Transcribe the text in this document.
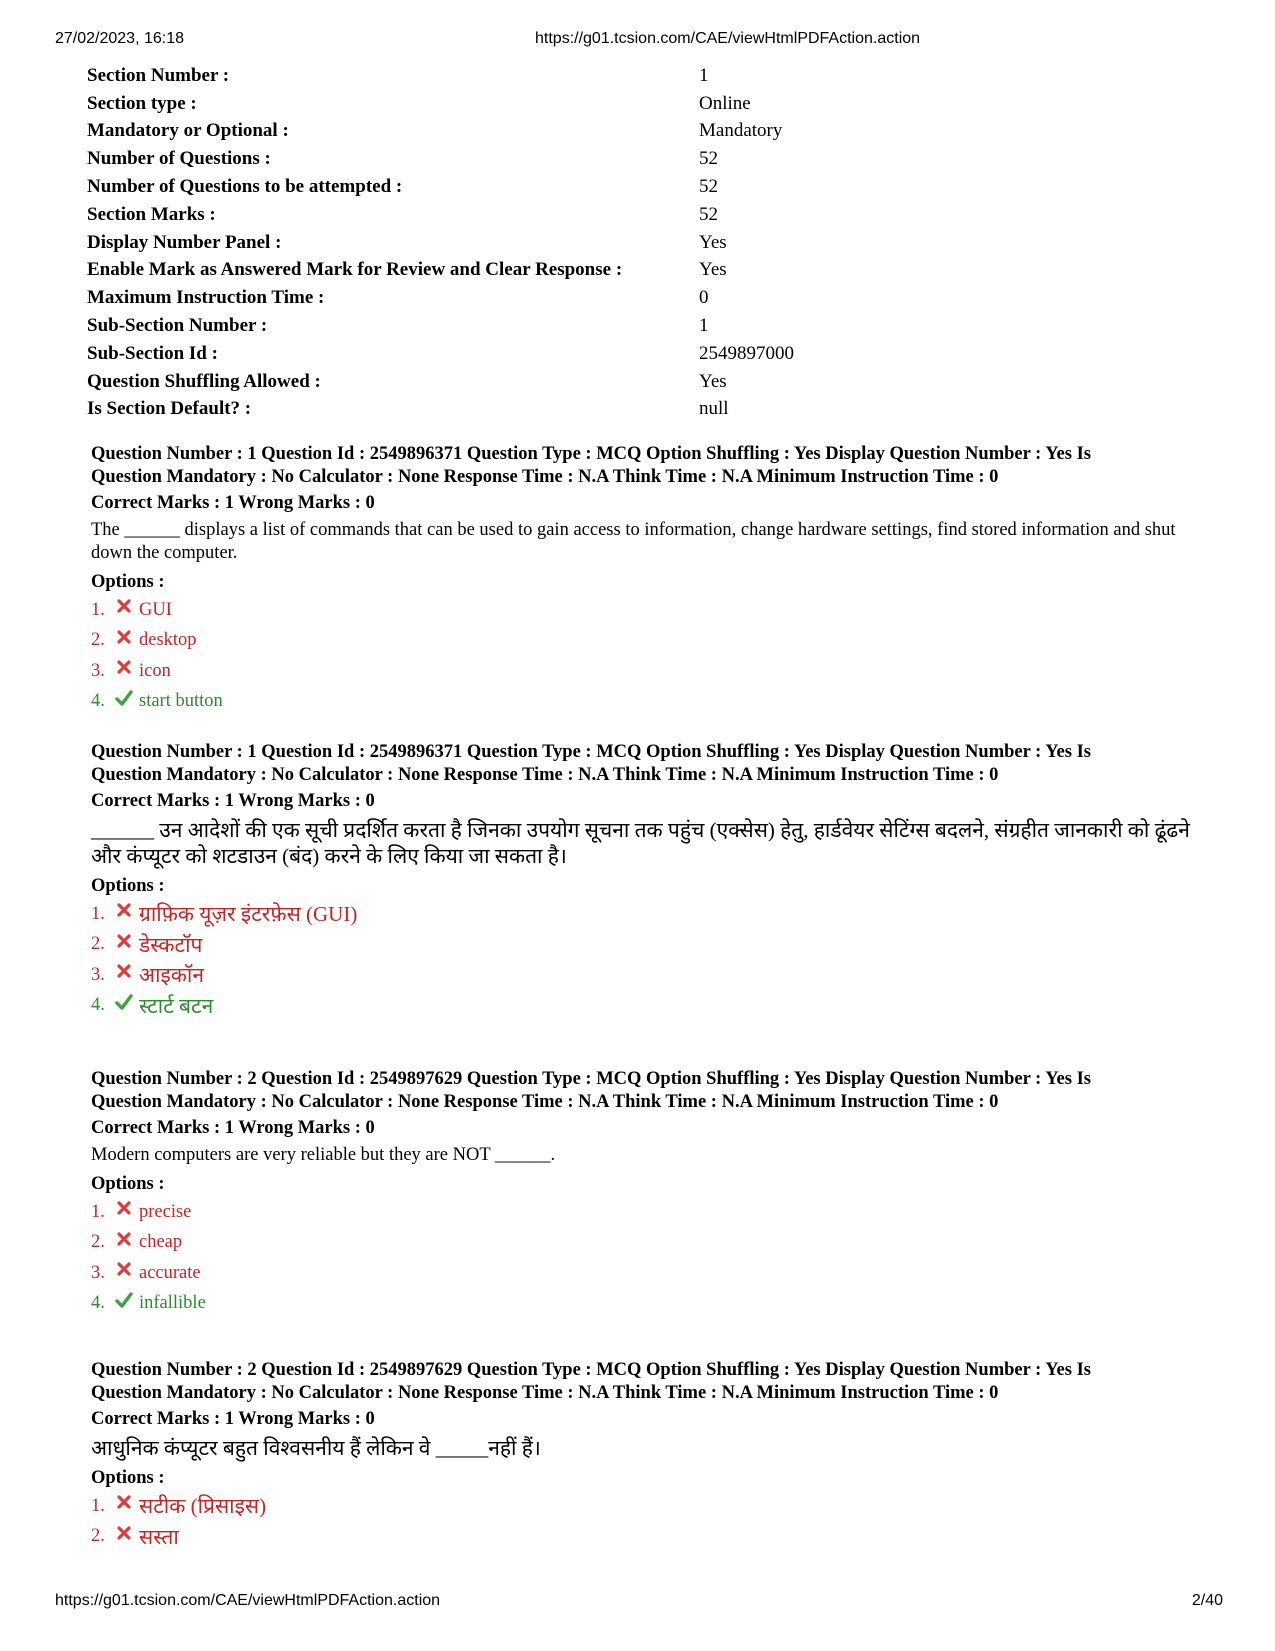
27/02/2023, 16:18	https://g01.tcsion.com/CAE/viewHtmlPDFAction.action
https://g01.tcsion.com/CAE/viewHtmlPDFAction.action	2/40
Section Number :	1
Section type :	Online
Mandatory or Optional :	Mandatory
Number of Questions :	52
Number of Questions to be attempted :	52
Section Marks :	52
Display Number Panel :	Yes
Enable Mark as Answered Mark for Review and Clear Response :	Yes
Maximum Instruction Time :	0
Sub-Section Number :	1
Sub-Section Id :	2549897000
Question Shuffling Allowed :	Yes
Is Section Default? :	null
Question Number : 1 Question Id : 2549896371 Question Type : MCQ Option Shuffling : Yes Display Question Number : Yes Is
Question Mandatory : No Calculator : None Response Time : N.A Think Time : N.A Minimum Instruction Time : 0
Correct Marks : 1 Wrong Marks : 0
The ______ displays a list of commands that can be used to gain access to information, change hardware settings, find stored information and shut down the computer.
Options :
1.	GUI
2.	desktop
3.	icon
4.	start button
Question Number : 1 Question Id : 2549896371 Question Type : MCQ Option Shuffling : Yes Display Question Number : Yes Is
Question Mandatory : No Calculator : None Response Time : N.A Think Time : N.A Minimum Instruction Time : 0
Correct Marks : 1 Wrong Marks : 0
______ उन आदेशों की एक सूची प्रदर्शित करता है जिनका उपयोग सूचना तक पहुंच (एक्सेस) हेतु, हार्डवेयर सेटिंग्स बदलने, संग्रहीत जानकारी को ढूंढने और कंप्यूटर को शटडाउन (बंद) करने के लिए किया जा सकता है।
Options :
1.	ग्राफ़िक यूज़र इंटरफ़ेस (GUI)
2.	डेस्कटॉप
3.	आइकॉन
4.	स्टार्ट बटन
Question Number : 2 Question Id : 2549897629 Question Type : MCQ Option Shuffling : Yes Display Question Number : Yes Is
Question Mandatory : No Calculator : None Response Time : N.A Think Time : N.A Minimum Instruction Time : 0
Correct Marks : 1 Wrong Marks : 0
Modern computers are very reliable but they are NOT ______.
Options :
1.	precise
2.	cheap
3.	accurate
4.	infallible
Question Number : 2 Question Id : 2549897629 Question Type : MCQ Option Shuffling : Yes Display Question Number : Yes Is
Question Mandatory : No Calculator : None Response Time : N.A Think Time : N.A Minimum Instruction Time : 0
Correct Marks : 1 Wrong Marks : 0
आधुनिक कंप्यूटर बहुत विश्वसनीय हैं लेकिन वे _____नहीं हैं।
Options :
1.	सटीक (प्रिसाइस)
2.	सस्ता
